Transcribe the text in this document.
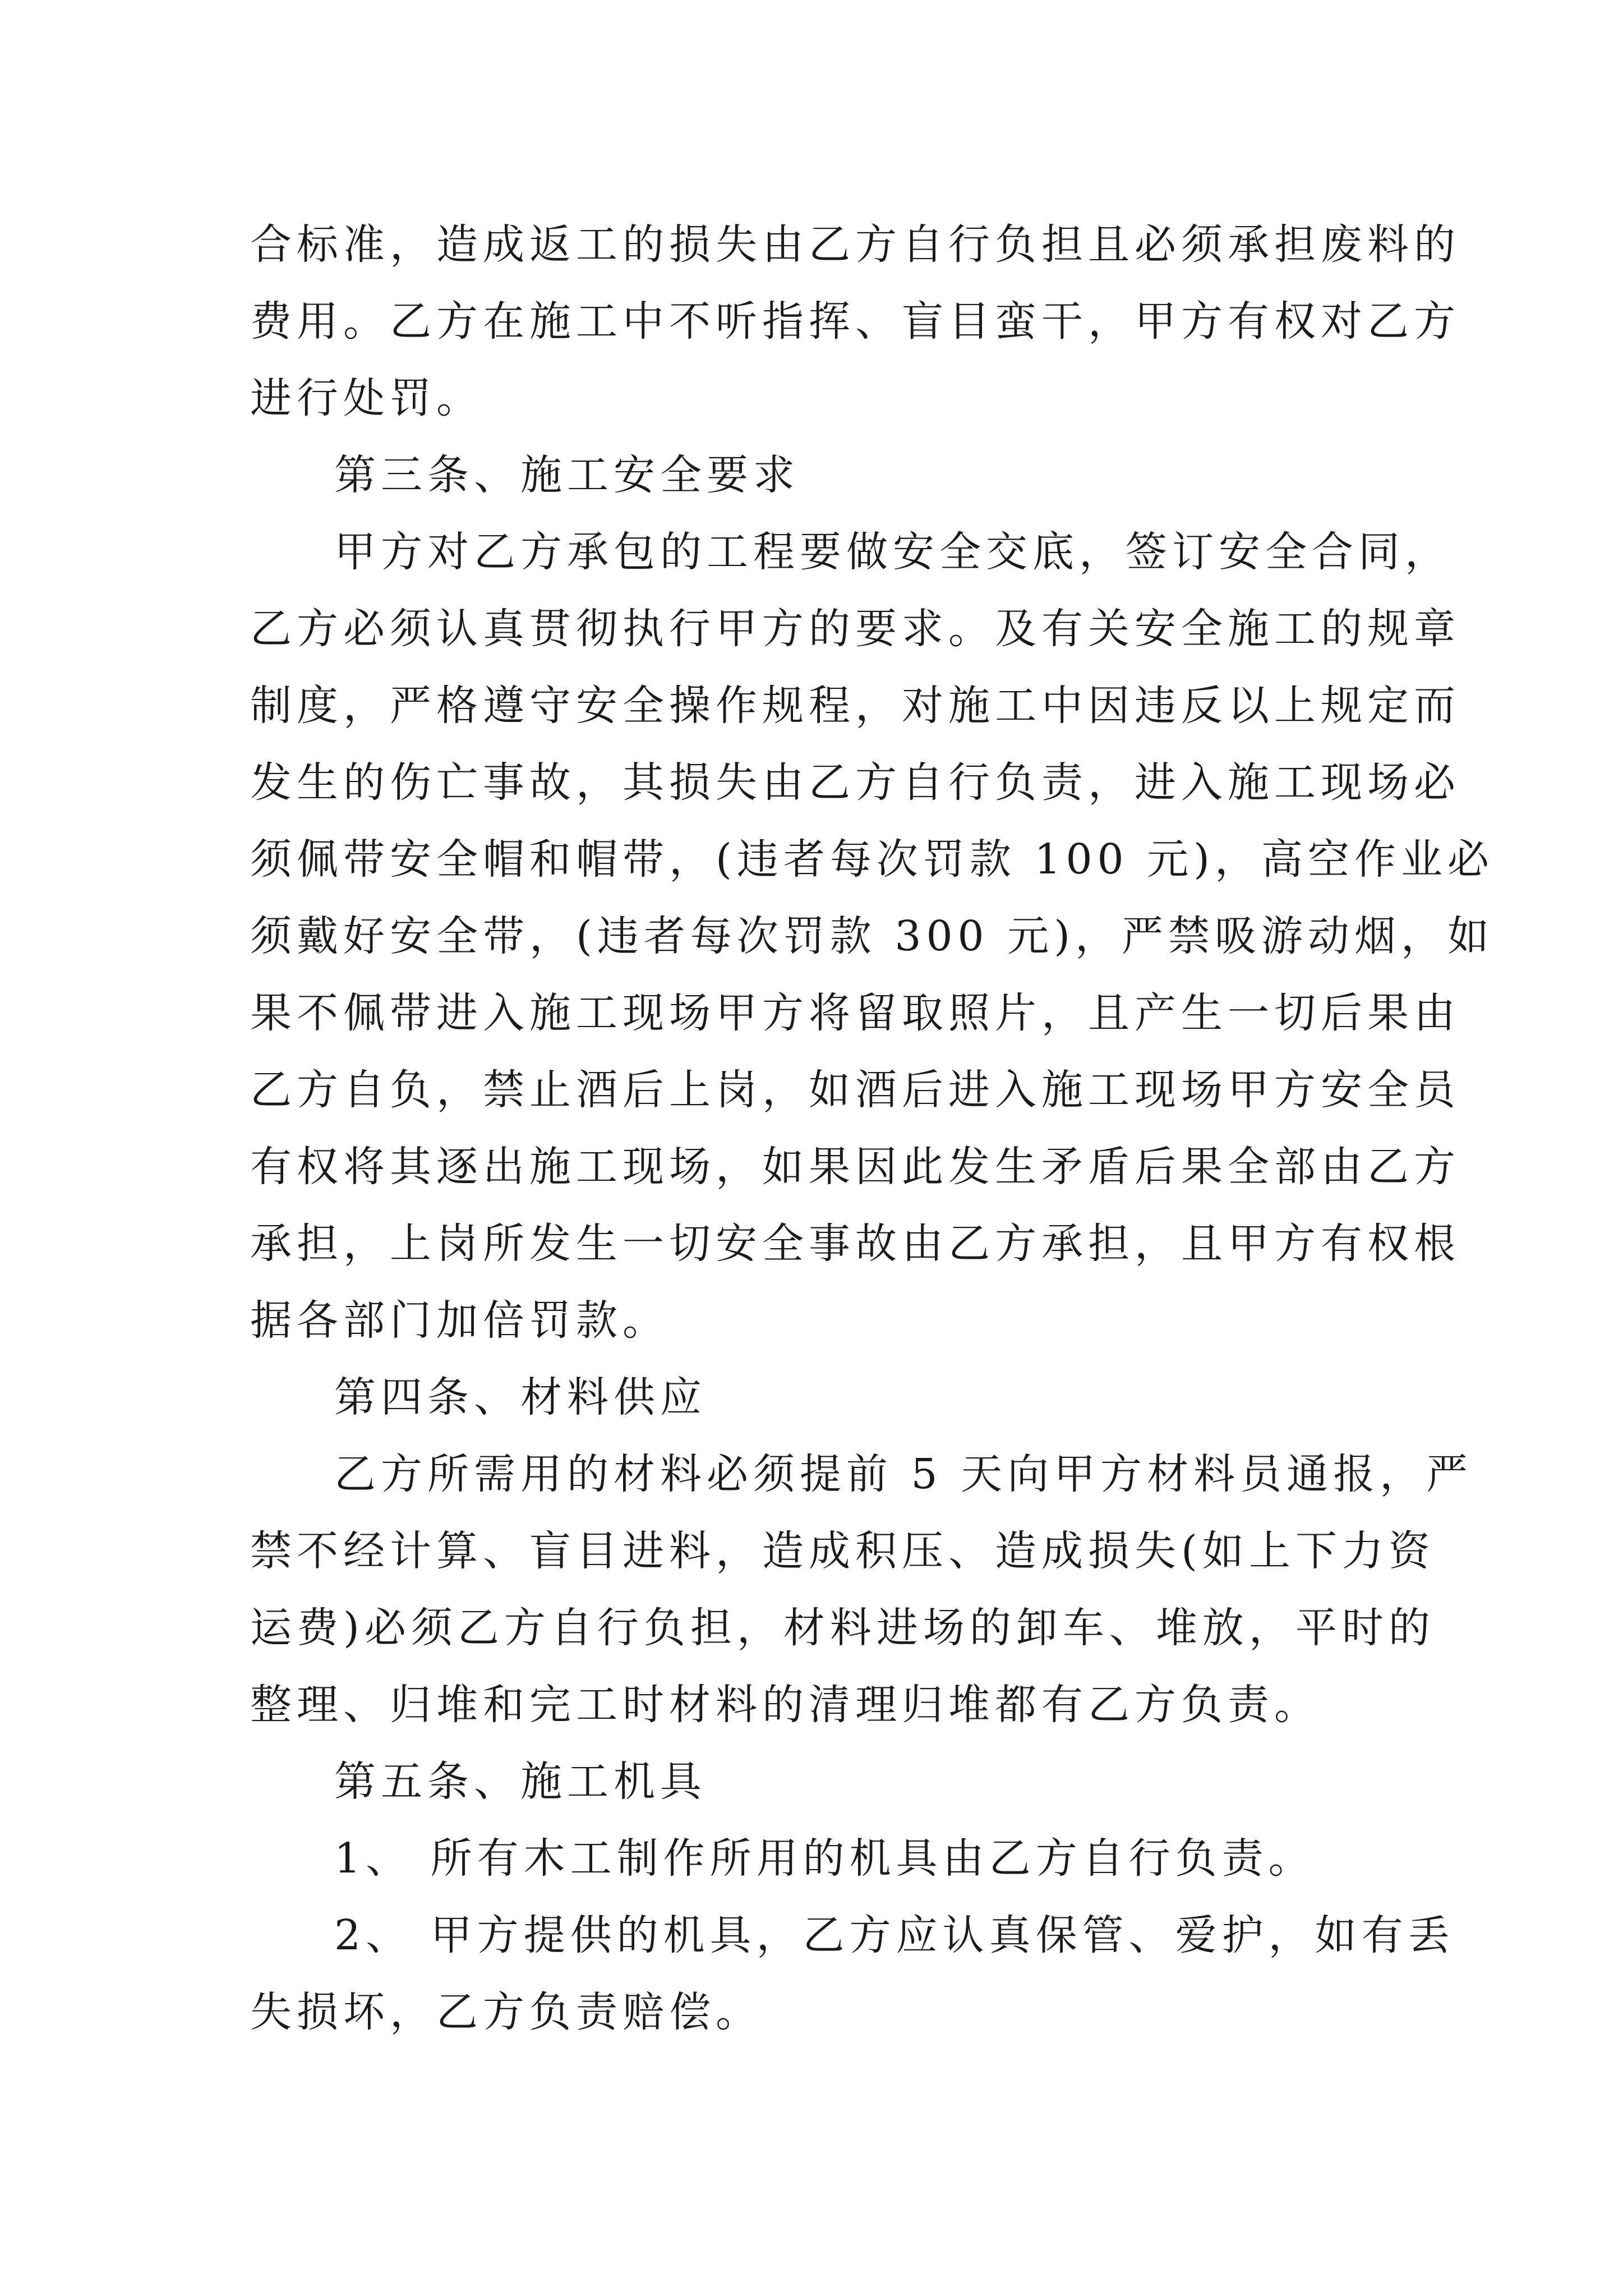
合标准，造成返工的损失由乙方自行负担且必须承担废料的
费用。乙方在施工中不听指挥、盲目蛮干，甲方有权对乙方
进行处罚。
第三条、施工安全要求
甲方对乙方承包的工程要做安全交底，签订安全合同，
乙方必须认真贯彻执行甲方的要求。及有关安全施工的规章
制度，严格遵守安全操作规程，对施工中因违反以上规定而
发生的伤亡事故，其损失由乙方自行负责，进入施工现场必
须佩带安全帽和帽带，(违者每次罚款 100 元)，高空作业必
须戴好安全带，(违者每次罚款 300 元)，严禁吸游动烟，如
果不佩带进入施工现场甲方将留取照片，且产生一切后果由
乙方自负，禁止酒后上岗，如酒后进入施工现场甲方安全员
有权将其逐出施工现场，如果因此发生矛盾后果全部由乙方
承担，上岗所发生一切安全事故由乙方承担，且甲方有权根
据各部门加倍罚款。
第四条、材料供应
乙方所需用的材料必须提前 5 天向甲方材料员通报，严
禁不经计算、盲目进料，造成积压、造成损失(如上下力资
运费)必须乙方自行负担，材料进场的卸车、堆放，平时的
整理、归堆和完工时材料的清理归堆都有乙方负责。
第五条、施工机具
1、 所有木工制作所用的机具由乙方自行负责。
2、 甲方提供的机具，乙方应认真保管、爱护，如有丢
失损坏，乙方负责赔偿。
